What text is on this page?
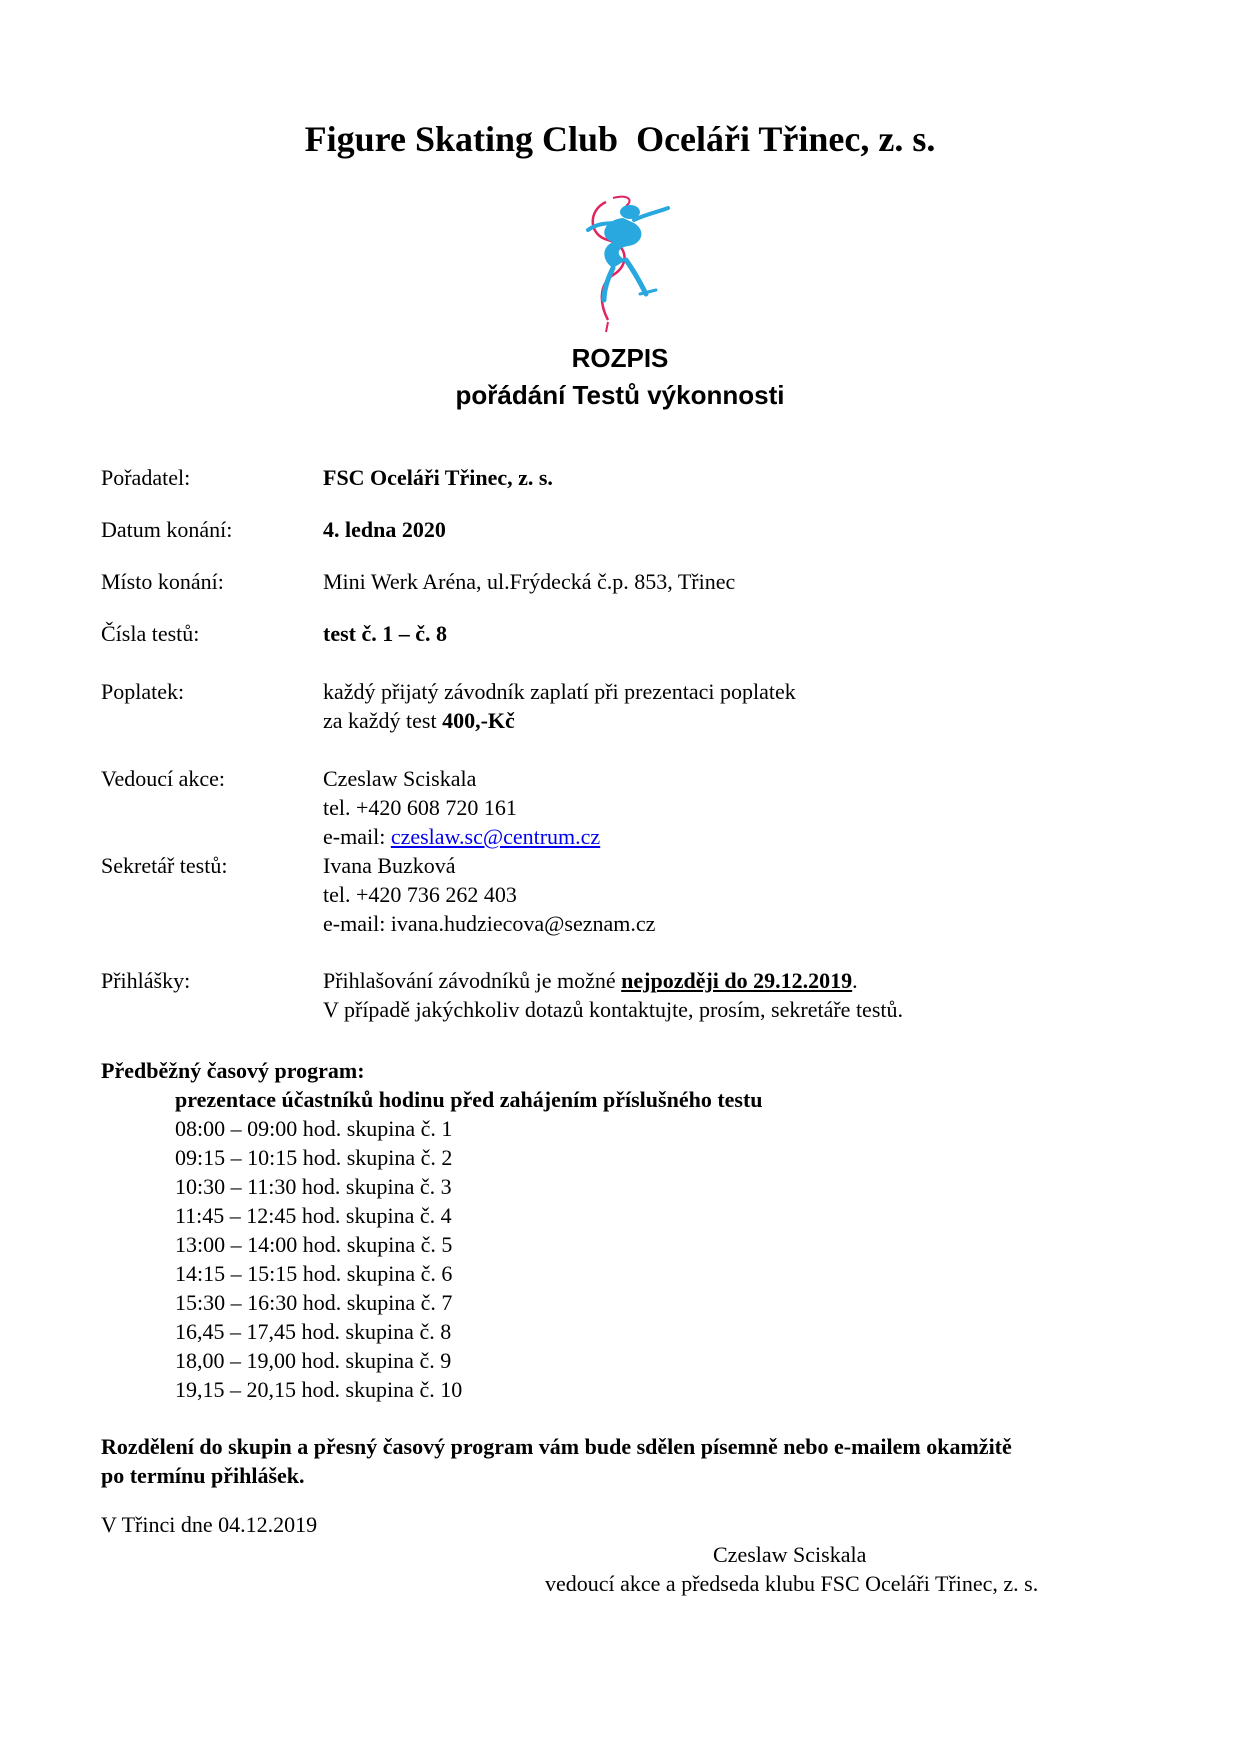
Figure Skating Club  Oceláři Třinec, z. s.
ROZPIS
pořádání Testů výkonnosti
Pořadatel:	FSC Oceláři Třinec, z. s.
Datum konání:	4. ledna 2020
Místo konání:	Mini Werk Aréna, ul.Frýdecká č.p. 853, Třinec
Čísla testů:	test č. 1 – č. 8
Poplatek:	každý přijatý závodník zaplatí při prezentaci poplatek
za každý test 400,-Kč
Vedoucí akce:	Czeslaw Sciskala
tel. +420 608 720 161
e-mail: czeslaw.sc@centrum.cz
Sekretář testů:	Ivana Buzková
tel. +420 736 262 403
e-mail: ivana.hudziecova@seznam.cz
Přihlášky:	Přihlašování závodníků je možné nejpozději do 29.12.2019.
V případě jakýchkoliv dotazů kontaktujte, prosím, sekretáře testů.
Předběžný časový program:
prezentace účastníků hodinu před zahájením příslušného testu
08:00 – 09:00 hod. skupina č. 1
09:15 – 10:15 hod. skupina č. 2
10:30 – 11:30 hod. skupina č. 3
11:45 – 12:45 hod. skupina č. 4
13:00 – 14:00 hod. skupina č. 5
14:15 – 15:15 hod. skupina č. 6
15:30 – 16:30 hod. skupina č. 7
16,45 – 17,45 hod. skupina č. 8
18,00 – 19,00 hod. skupina č. 9
19,15 – 20,15 hod. skupina č. 10
Rozdělení do skupin a přesný časový program vám bude sdělen písemně nebo e-mailem okamžitě
po termínu přihlášek.
V Třinci dne 04.12.2019
Czeslaw Sciskala
vedoucí akce a předseda klubu FSC Oceláři Třinec, z. s.
